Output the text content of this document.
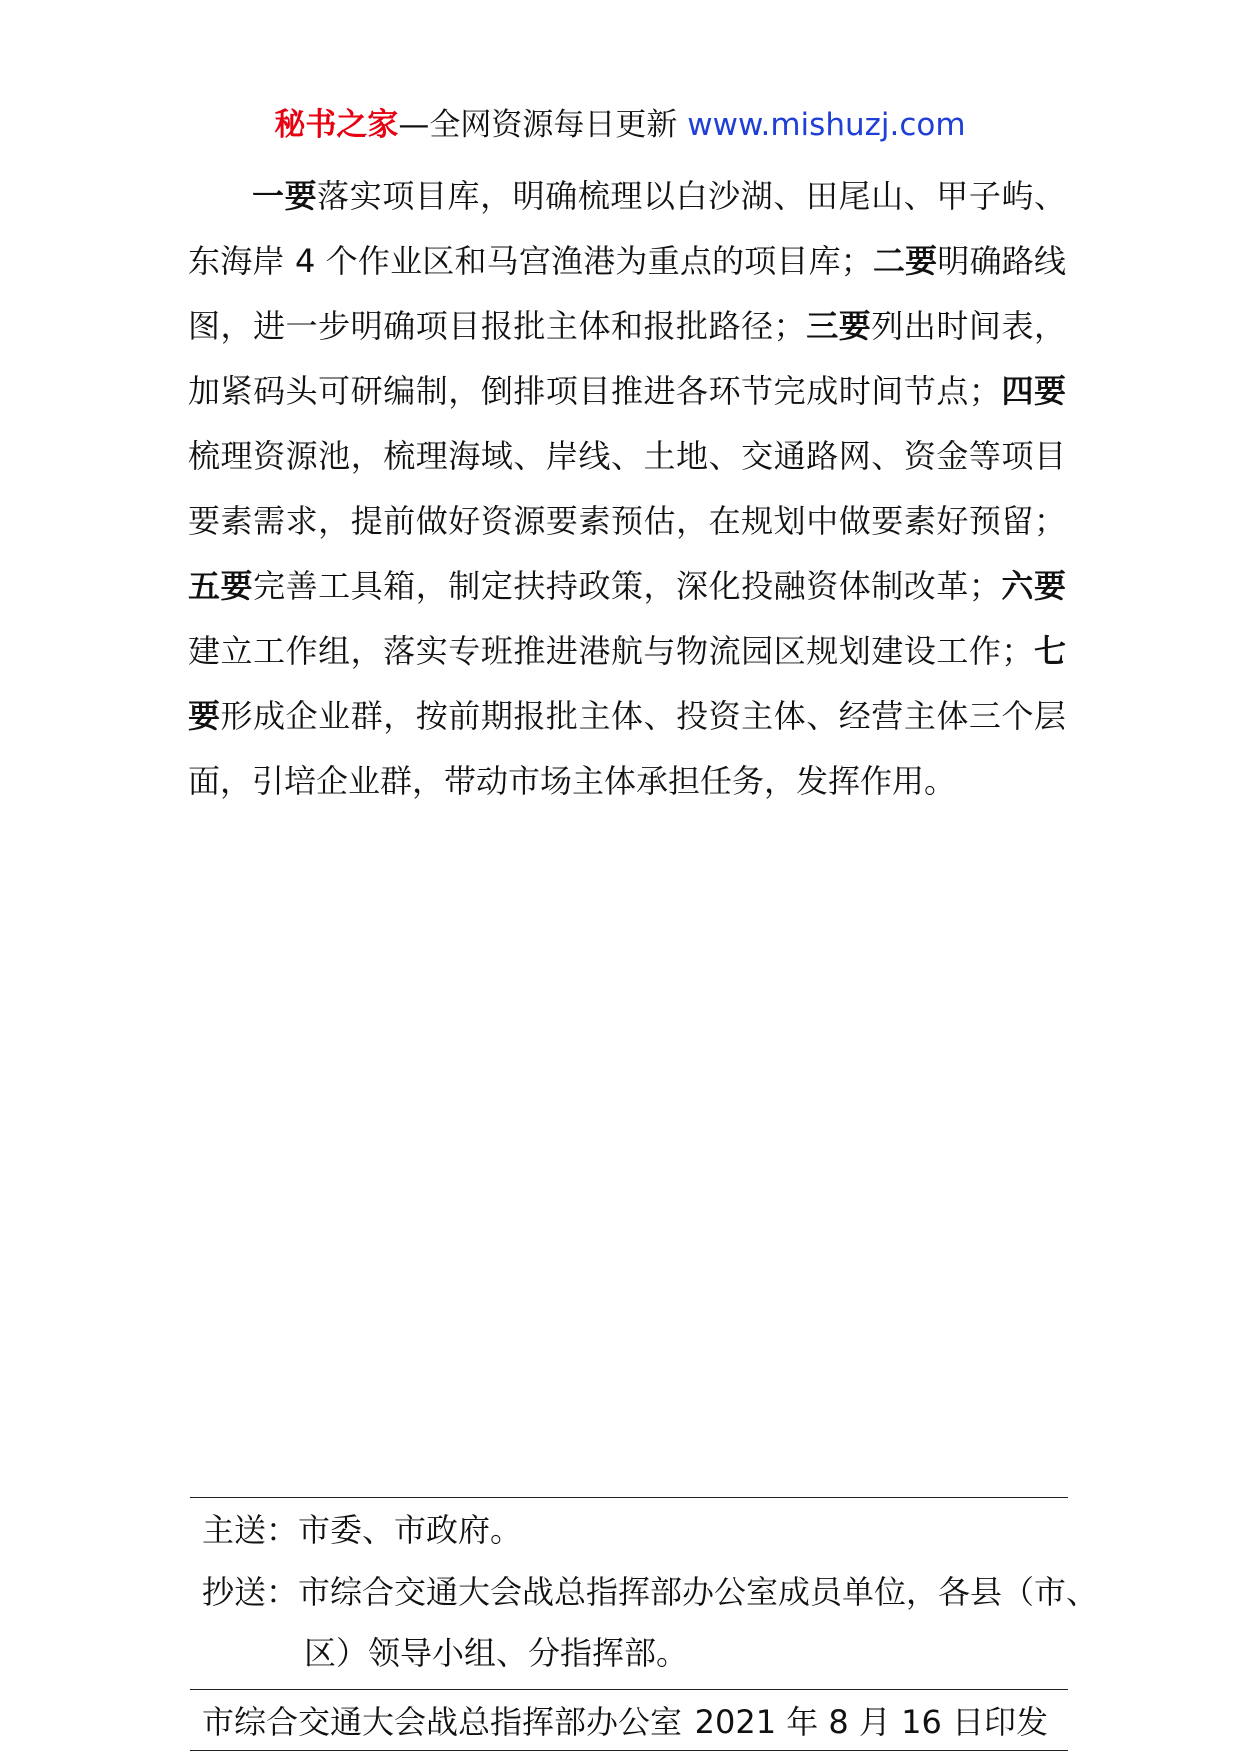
秘书之家—全网资源每日更新 www.mishuzj.com

一要落实项目库，明确梳理以白沙湖、田尾山、甲子屿、东海岸 4 个作业区和马宫渔港为重点的项目库；二要明确路线图，进一步明确项目报批主体和报批路径；三要列出时间表，加紧码头可研编制，倒排项目推进各环节完成时间节点；四要梳理资源池，梳理海域、岸线、土地、交通路网、资金等项目要素需求，提前做好资源要素预估，在规划中做要素好预留；五要完善工具箱，制定扶持政策，深化投融资体制改革；六要建立工作组，落实专班推进港航与物流园区规划建设工作；七要形成企业群，按前期报批主体、投资主体、经营主体三个层面，引培企业群，带动市场主体承担任务，发挥作用。

主送：市委、市政府。
抄送：市综合交通大会战总指挥部办公室成员单位，各县（市、
区）领导小组、分指挥部。
市综合交通大会战总指挥部办公室 2021 年 8 月 16 日印发
